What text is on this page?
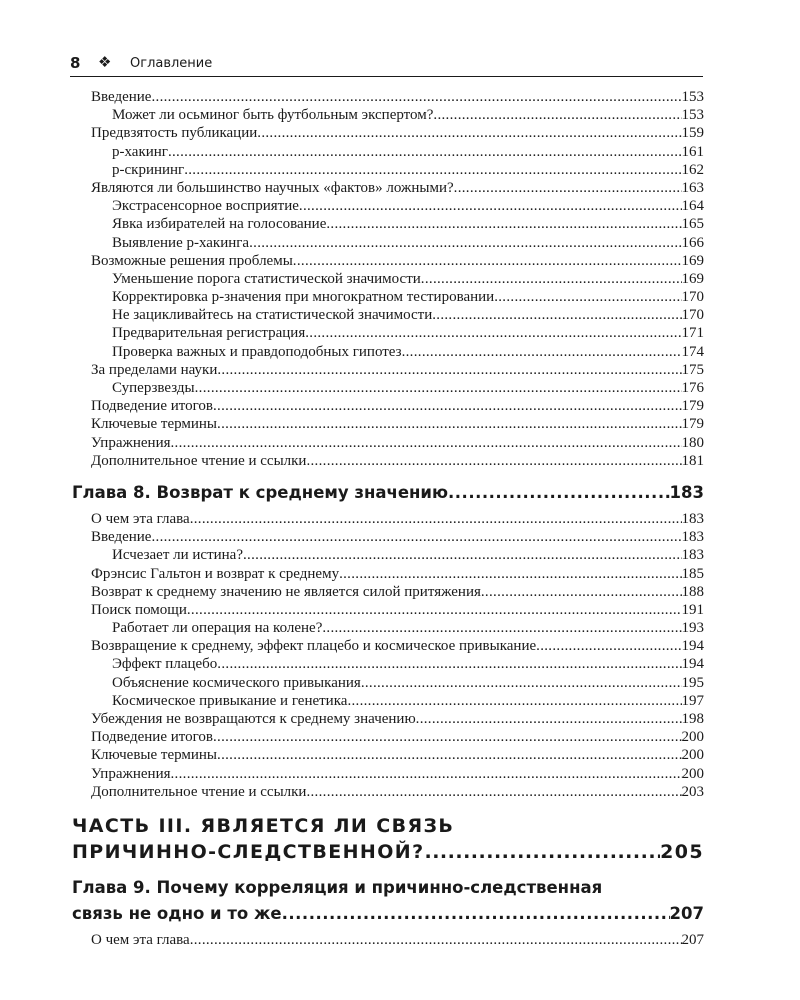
8 ❖ Оглавление
Введение .....	153
Может ли осьминог быть футбольным экспертом? .....	153
Предвзятость публикации .....	159
p-хакинг .....	161
p-скрининг .....	162
Являются ли большинство научных «фактов» ложными? .....	163
Экстрасенсорное восприятие .....	164
Явка избирателей на голосование .....	165
Выявление p-хакинга .....	166
Возможные решения проблемы .....	169
Уменьшение порога статистической значимости .....	169
Корректировка p-значения при многократном тестировании .....	170
Не зацикливайтесь на статистической значимости .....	170
Предварительная регистрация .....	171
Проверка важных и правдоподобных гипотез .....	174
За пределами науки .....	175
Суперзвезды .....	176
Подведение итогов .....	179
Ключевые термины .....	179
Упражнения .....	180
Дополнительное чтение и ссылки .....	181
Глава 8. Возврат к среднему значению .....	183
О чем эта глава .....	183
Введение .....	183
Исчезает ли истина? .....	183
Фрэнсис Гальтон и возврат к среднему .....	185
Возврат к среднему значению не является силой притяжения .....	188
Поиск помощи .....	191
Работает ли операция на колене? .....	193
Возвращение к среднему, эффект плацебо и космическое привыкание .....	194
Эффект плацебо .....	194
Объяснение космического привыкания .....	195
Космическое привыкание и генетика .....	197
Убеждения не возвращаются к среднему значению .....	198
Подведение итогов .....	200
Ключевые термины .....	200
Упражнения .....	200
Дополнительное чтение и ссылки .....	203
ЧАСТЬ III. ЯВЛЯЕТСЯ ЛИ СВЯЗЬ
ПРИЧИННО-СЛЕДСТВЕННОЙ? .....	205
Глава 9. Почему корреляция и причинно-следственная
связь не одно и то же .....	207
О чем эта глава .....	207
